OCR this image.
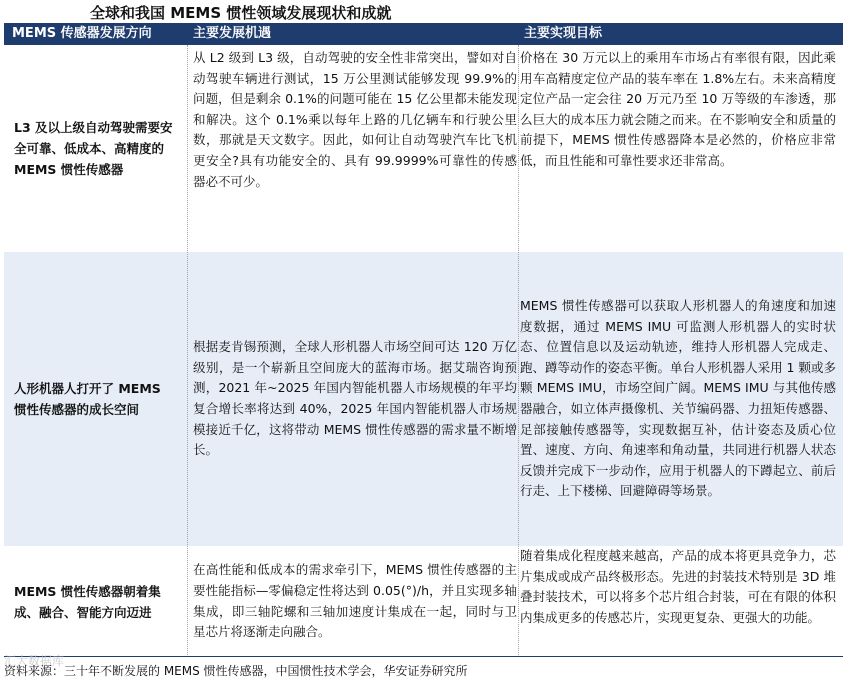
全球和我国 MEMS 惯性领域发展现状和成就
MEMS 传感器发展方向	主要发展机遇	主要实现目标
L3 及以上级自动驾驶需要安全可靠、低成本、高精度的 MEMS 惯性传感器

从 L2 级到 L3 级，自动驾驶的安全性非常突出，譬如对自动驾驶车辆进行测试，15 万公里测试能够发现 99.9%的问题，但是剩余 0.1%的问题可能在 15 亿公里都未能发现和解决。这个 0.1%乘以每年上路的几亿辆车和行驶公里数，那就是天文数字。因此，如何让自动驾驶汽车比飞机更安全?具有功能安全的、具有 99.9999%可靠性的传感器必不可少。

价格在 30 万元以上的乘用车市场占有率很有限，因此乘用车高精度定位产品的装车率在 1.8%左右。未来高精度定位产品一定会往 20 万元乃至 10 万等级的车渗透，那么巨大的成本压力就会随之而来。在不影响安全和质量的前提下，MEMS 惯性传感器降本是必然的，价格应非常低，而且性能和可靠性要求还非常高。

人形机器人打开了 MEMS 惯性传感器的成长空间

根据麦肯锡预测，全球人形机器人市场空间可达 120 万亿级别，是一个崭新且空间庞大的蓝海市场。据艾瑞咨询预测，2021 年~2025 年国内智能机器人市场规模的年平均复合增长率将达到 40%，2025 年国内智能机器人市场规模接近千亿，这将带动 MEMS 惯性传感器的需求量不断增长。

MEMS 惯性传感器可以获取人形机器人的角速度和加速度数据，通过 MEMS IMU 可监测人形机器人的实时状态、位置信息以及运动轨迹，维持人形机器人完成走、跑、蹲等动作的姿态平衡。单台人形机器人采用 1 颗或多颗 MEMS IMU，市场空间广阔。MEMS IMU 与其他传感器融合，如立体声摄像机、关节编码器、力扭矩传感器、足部接触传感器等，实现数据互补，估计姿态及质心位置、速度、方向、角速率和角动量，共同进行机器人状态反馈并完成下一步动作，应用于机器人的下蹲起立、前后行走、上下楼梯、回避障碍等场景。

MEMS 惯性传感器朝着集成、融合、智能方向迈进

在高性能和低成本的需求牵引下，MEMS 惯性传感器的主要性能指标—零偏稳定性将达到 0.05(°)/h，并且实现多轴集成，即三轴陀螺和三轴加速度计集成在一起，同时与卫星芯片将逐渐走向融合。

随着集成化程度越来越高，产品的成本将更具竞争力，芯片集成或成产品终极形态。先进的封装技术特别是 3D 堆叠封装技术，可以将多个芯片组合封装，可在有限的体积内集成更多的传感芯片，实现更复杂、更强大的功能。

汇大数据库
资料来源：三十年不断发展的 MEMS 惯性传感器，中国惯性技术学会，华安证券研究所
